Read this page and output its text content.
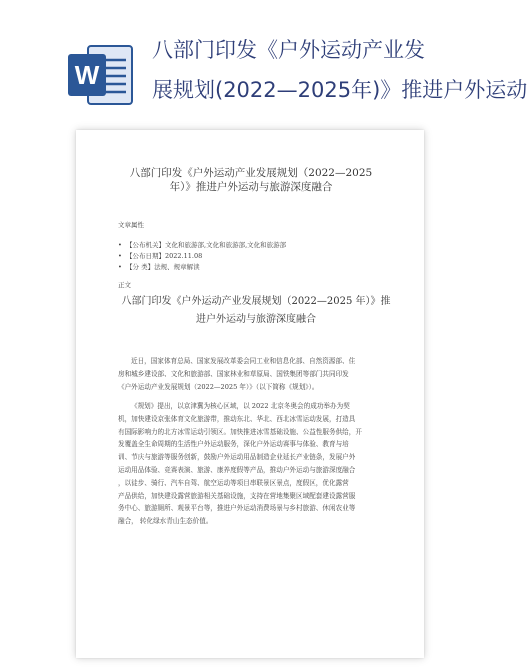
W
八部门印发《户外运动产业发
展规划(2022—2025年)》推进户外运动
八部门印发《户外运动产业发展规划（2022—2025
年）》推进户外运动与旅游深度融合
文章属性
• 【公布机关】文化和旅游部,文化和旅游部,文化和旅游部
• 【公布日期】2022.11.08
• 【分 类】法规、规章解读
正文
八部门印发《户外运动产业发展规划（2022—2025 年）》推
进户外运动与旅游深度融合
近日，国家体育总局、国家发展改革委会同工业和信息化部、自然资源部、住
房和城乡建设部、文化和旅游部、国家林业和草原局、国铁集团等部门共同印发
《户外运动产业发展规划（2022—2025 年）》（以下简称《规划》）。
《规划》提出，以京津冀为核心区域，以 2022 北京冬奥会的成功举办为契
机，加快建设京张体育文化旅游带，推动东北、华北、西北冰雪运动发展，打造具
有国际影响力的北方冰雪运动引领区。加快推进冰雪基础设施、公益性服务供给，开
发覆盖全生命周期的生活性户外运动服务，深化户外运动赛事与体验、教育与培
训、节庆与旅游等服务创新，鼓励户外运动用品制造企业延长产业链条，发展户外
运动用品体验、竞赛表演、旅游、康养度假等产品，推动户外运动与旅游深度融合
，以徒步、骑行、汽车自驾、航空运动等项目串联景区景点，度假区，优化露营
产品供给，加快建设露营旅游相关基础设施，支持在营地集聚区域配套建设露营服
务中心、旅游厕所、观景平台等，推进户外运动消费场景与乡村旅游、休闲农业等
融合， 转化绿水青山生态价值。
